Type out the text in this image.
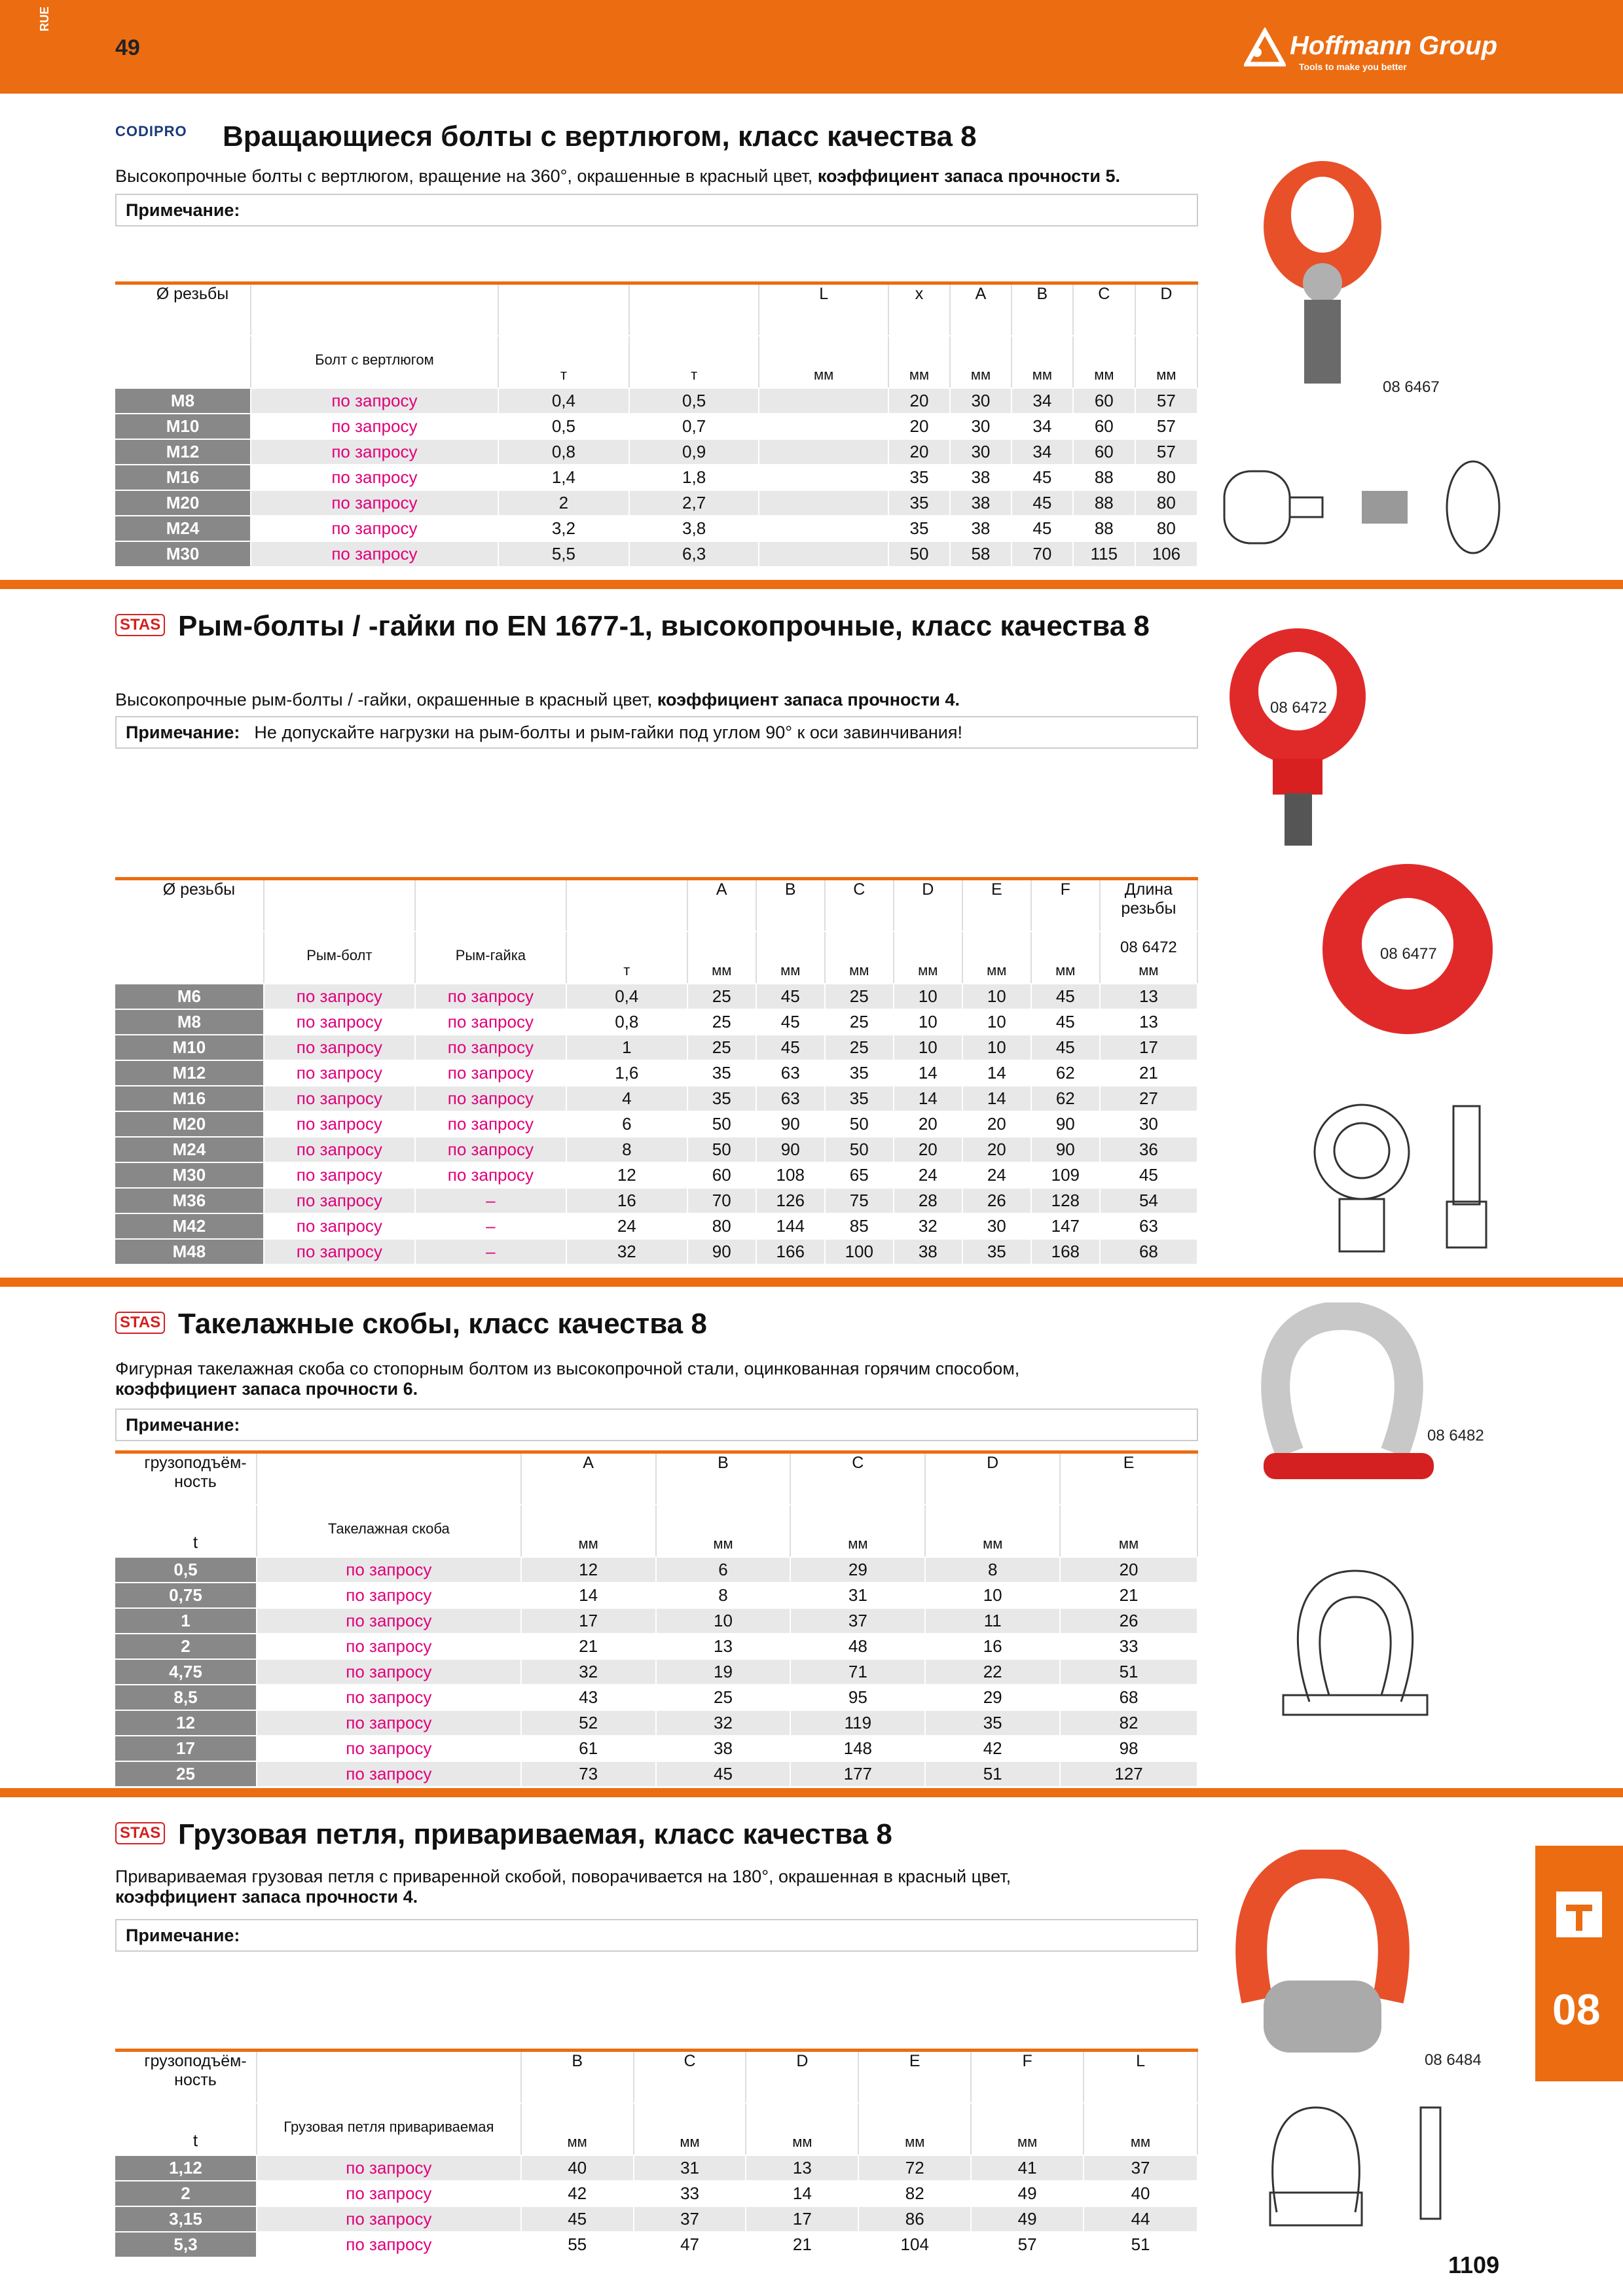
RUE
49	Hoffmann Group
Tools to make you better
CODIPRO Вращающиеся болты с вертлюгом, класс качества 8
Высокопрочные болты с вертлюгом, вращение на 360°, окрашенные в красный цвет, коэффициент запаса прочности 5.
Примечание:
Ø резьбы	08Y
08 6467			L	x	A	B	C	D
	Болт с вертлюгом	т	т	мм	мм	мм	мм	мм	мм

M8	по запросу	0,4	0,5		20	30	34	60	57
M10	по запросу	0,5	0,7		20	30	34	60	57
M12	по запросу	0,8	0,9		20	30	34	60	57
M16	по запросу	1,4	1,8		35	38	45	88	80
M20	по запросу	2	2,7		35	38	45	88	80
M24	по запросу	3,2	3,8		35	38	45	88	80
M30	по запросу	5,5	6,3		50	58	70	115	106
08 6467
STAS Рым-болты / -гайки по EN 1677-1, высокопрочные, класс качества 8
Высокопрочные рым-болты / -гайки, окрашенные в красный цвет, коэффициент запаса прочности 4.
Примечание: Не допускайте нагрузки на рым-болты и рым-гайки под углом 90° к оси завинчивания!
Ø резьбы	08Y
08 6472	08Y
08 6477		A	B	C	D	E	F	Длина резьбы
	Рым-болт	Рым-гайка	т	мм	мм	мм	мм	мм	мм	08 6472
мм

M6	по запросу	по запросу	0,4	25	45	25	10	10	45	13
M8	по запросу	по запросу	0,8	25	45	25	10	10	45	13
M10	по запросу	по запросу	1	25	45	25	10	10	45	17
M12	по запросу	по запросу	1,6	35	63	35	14	14	62	21
M16	по запросу	по запросу	4	35	63	35	14	14	62	27
M20	по запросу	по запросу	6	50	90	50	20	20	90	30
M24	по запросу	по запросу	8	50	90	50	20	20	90	36
M30	по запросу	по запросу	12	60	108	65	24	24	109	45
M36	по запросу	–	16	70	126	75	28	26	128	54
M42	по запросу	–	24	80	144	85	32	30	147	63
M48	по запросу	–	32	90	166	100	38	35	168	68
08 6472
08 6477
STAS Такелажные скобы, класс качества 8
Фигурная такелажная скоба со стопорным болтом из высокопрочной стали, оцинкованная горячим способом,
коэффициент запаса прочности 6.
Примечание:
грузоподъём-ность	08Y
08 6482	A	B	C	D	E
t	Такелажная скоба	мм	мм	мм	мм	мм

0,5	по запросу	12	6	29	8	20
0,75	по запросу	14	8	31	10	21
1	по запросу	17	10	37	11	26
2	по запросу	21	13	48	16	33
4,75	по запросу	32	19	71	22	51
8,5	по запросу	43	25	95	29	68
12	по запросу	52	32	119	35	82
17	по запросу	61	38	148	42	98
25	по запросу	73	45	177	51	127
08 6482
STAS Грузовая петля, привариваемая, класс качества 8
Привариваемая грузовая петля с приваренной скобой, поворачивается на 180°, окрашенная в красный цвет,
коэффициент запаса прочности 4.
Примечание:
грузоподъём-ность	08Y
08 6484	B	C	D	E	F	L
t	Грузовая петля привариваемая	мм	мм	мм	мм	мм	мм

1,12	по запросу	40	31	13	72	41	37
2	по запросу	42	33	14	82	49	40
3,15	по запросу	45	37	17	86	49	44
5,3	по запросу	55	47	21	104	57	51
08 6484
08
1109
